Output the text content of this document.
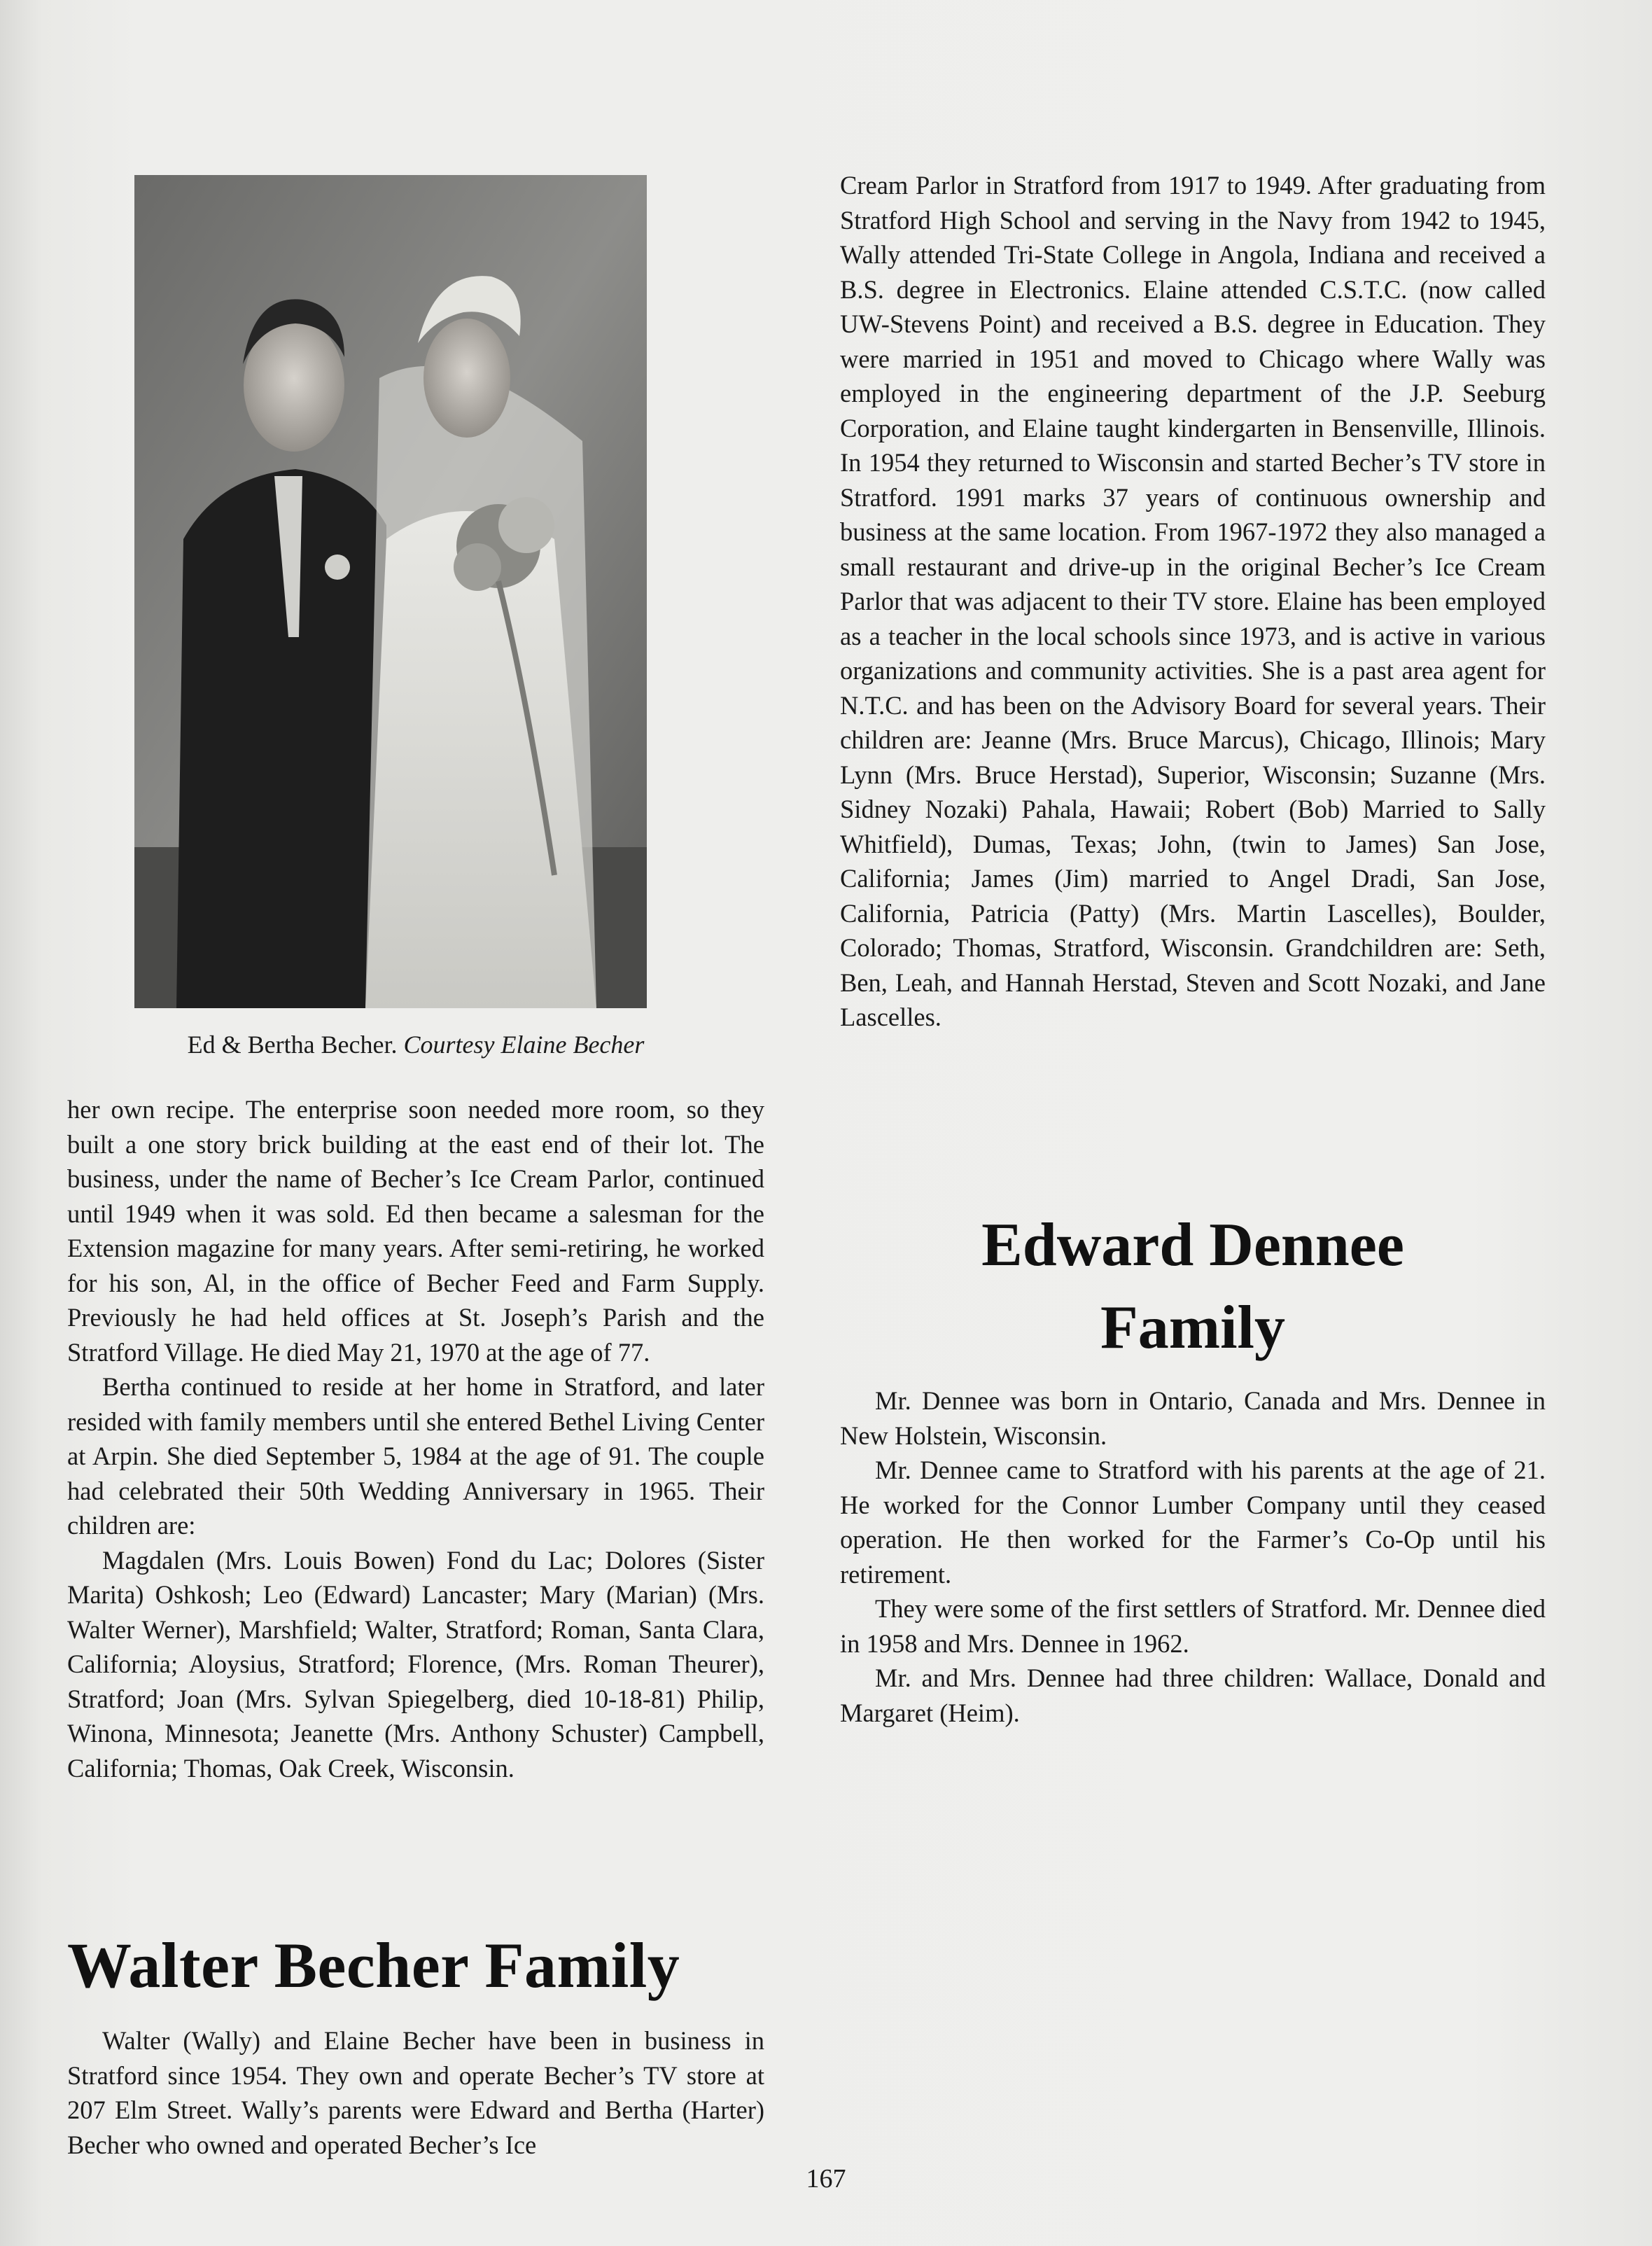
Ed & Bertha Becher. Courtesy Elaine Becher

her own recipe. The enterprise soon needed more room, so they built a one story brick building at the east end of their lot. The business, under the name of Becher’s Ice Cream Parlor, continued until 1949 when it was sold. Ed then became a salesman for the Extension magazine for many years. After semi-retiring, he worked for his son, Al, in the office of Becher Feed and Farm Supply. Previously he had held offices at St. Joseph’s Parish and the Stratford Village. He died May 21, 1970 at the age of 77.

Bertha continued to reside at her home in Stratford, and later resided with family members until she entered Bethel Living Center at Arpin. She died September 5, 1984 at the age of 91. The couple had celebrated their 50th Wedding Anniversary in 1965. Their children are:

Magdalen (Mrs. Louis Bowen) Fond du Lac; Dolores (Sister Marita) Oshkosh; Leo (Edward) Lancaster; Mary (Marian) (Mrs. Walter Werner), Marshfield; Walter, Stratford; Roman, Santa Clara, California; Aloysius, Stratford; Florence, (Mrs. Roman Theurer), Stratford; Joan (Mrs. Sylvan Spiegelberg, died 10-18-81) Philip, Winona, Minnesota; Jeanette (Mrs. Anthony Schuster) Campbell, California; Thomas, Oak Creek, Wisconsin.

Walter Becher Family

Walter (Wally) and Elaine Becher have been in business in Stratford since 1954. They own and operate Becher’s TV store at 207 Elm Street. Wally’s parents were Edward and Bertha (Harter) Becher who owned and operated Becher’s Ice

Cream Parlor in Stratford from 1917 to 1949. After graduating from Stratford High School and serving in the Navy from 1942 to 1945, Wally attended Tri-State College in Angola, Indiana and received a B.S. degree in Electronics. Elaine attended C.S.T.C. (now called UW-Stevens Point) and received a B.S. degree in Education. They were married in 1951 and moved to Chicago where Wally was employed in the engineering department of the J.P. Seeburg Corporation, and Elaine taught kindergarten in Bensenville, Illinois. In 1954 they returned to Wisconsin and started Becher’s TV store in Stratford. 1991 marks 37 years of continuous ownership and business at the same location. From 1967-1972 they also managed a small restaurant and drive-up in the original Becher’s Ice Cream Parlor that was adjacent to their TV store. Elaine has been employed as a teacher in the local schools since 1973, and is active in various organizations and community activities. She is a past area agent for N.T.C. and has been on the Advisory Board for several years. Their children are: Jeanne (Mrs. Bruce Marcus), Chicago, Illinois; Mary Lynn (Mrs. Bruce Herstad), Superior, Wisconsin; Suzanne (Mrs. Sidney Nozaki) Pahala, Hawaii; Robert (Bob) Married to Sally Whitfield), Dumas, Texas; John, (twin to James) San Jose, California; James (Jim) married to Angel Dradi, San Jose, California, Patricia (Patty) (Mrs. Martin Lascelles), Boulder, Colorado; Thomas, Stratford, Wisconsin. Grandchildren are: Seth, Ben, Leah, and Hannah Herstad, Steven and Scott Nozaki, and Jane Lascelles.

Edward Dennee
Family

Mr. Dennee was born in Ontario, Canada and Mrs. Dennee in New Holstein, Wisconsin.

Mr. Dennee came to Stratford with his parents at the age of 21. He worked for the Connor Lumber Company until they ceased operation. He then worked for the Farmer’s Co-Op until his retirement.

They were some of the first settlers of Stratford. Mr. Dennee died in 1958 and Mrs. Dennee in 1962.

Mr. and Mrs. Dennee had three children: Wallace, Donald and Margaret (Heim).

167
